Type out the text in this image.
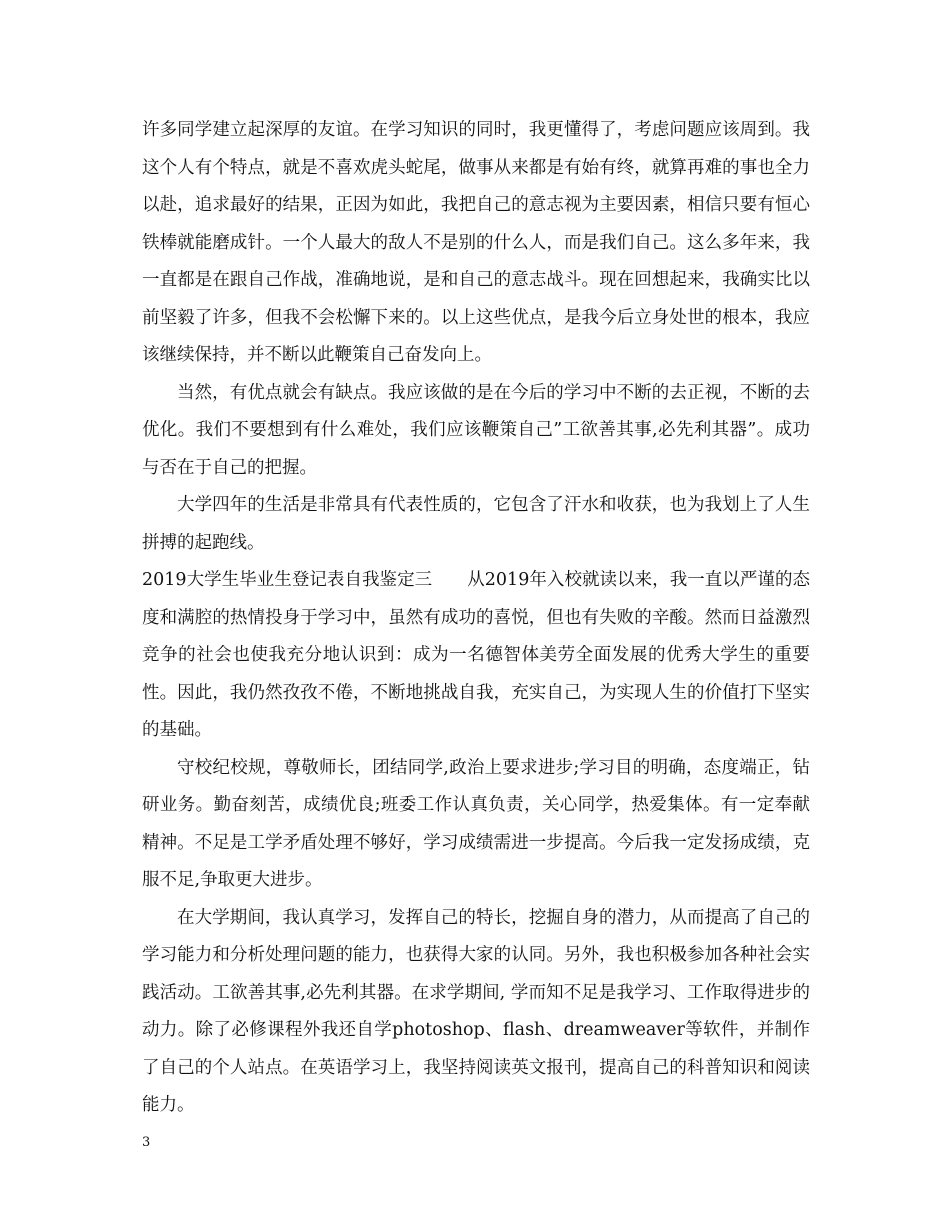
许多同学建立起深厚的友谊。在学习知识的同时，我更懂得了，考虑问题应该周到。我这个人有个特点，就是不喜欢虎头蛇尾，做事从来都是有始有终，就算再难的事也全力以赴，追求最好的结果，正因为如此，我把自己的意志视为主要因素，相信只要有恒心铁棒就能磨成针。一个人最大的敌人不是别的什么人，而是我们自己。这么多年来，我一直都是在跟自己作战，准确地说，是和自己的意志战斗。现在回想起来，我确实比以前坚毅了许多，但我不会松懈下来的。以上这些优点，是我今后立身处世的根本，我应该继续保持，并不断以此鞭策自己奋发向上。

当然，有优点就会有缺点。我应该做的是在今后的学习中不断的去正视，不断的去优化。我们不要想到有什么难处，我们应该鞭策自己”工欲善其事,必先利其器”。成功与否在于自己的把握。

大学四年的生活是非常具有代表性质的，它包含了汗水和收获，也为我划上了人生拼搏的起跑线。

2019大学生毕业生登记表自我鉴定三　　从2019年入校就读以来，我一直以严谨的态度和满腔的热情投身于学习中，虽然有成功的喜悦，但也有失败的辛酸。然而日益激烈竞争的社会也使我充分地认识到：成为一名德智体美劳全面发展的优秀大学生的重要性。因此，我仍然孜孜不倦，不断地挑战自我，充实自己，为实现人生的价值打下坚实的基础。

守校纪校规，尊敬师长，团结同学,政治上要求进步;学习目的明确，态度端正，钻研业务。勤奋刻苦，成绩优良;班委工作认真负责，关心同学，热爱集体。有一定奉献精神。不足是工学矛盾处理不够好，学习成绩需进一步提高。今后我一定发扬成绩，克服不足,争取更大进步。

在大学期间，我认真学习，发挥自己的特长，挖掘自身的潜力，从而提高了自己的学习能力和分析处理问题的能力，也获得大家的认同。另外，我也积极参加各种社会实践活动。工欲善其事,必先利其器。在求学期间, 学而知不足是我学习、工作取得进步的动力。除了必修课程外我还自学photoshop、flash、dreamweaver等软件，并制作了自己的个人站点。在英语学习上，我坚持阅读英文报刊，提高自己的科普知识和阅读能力。

3
